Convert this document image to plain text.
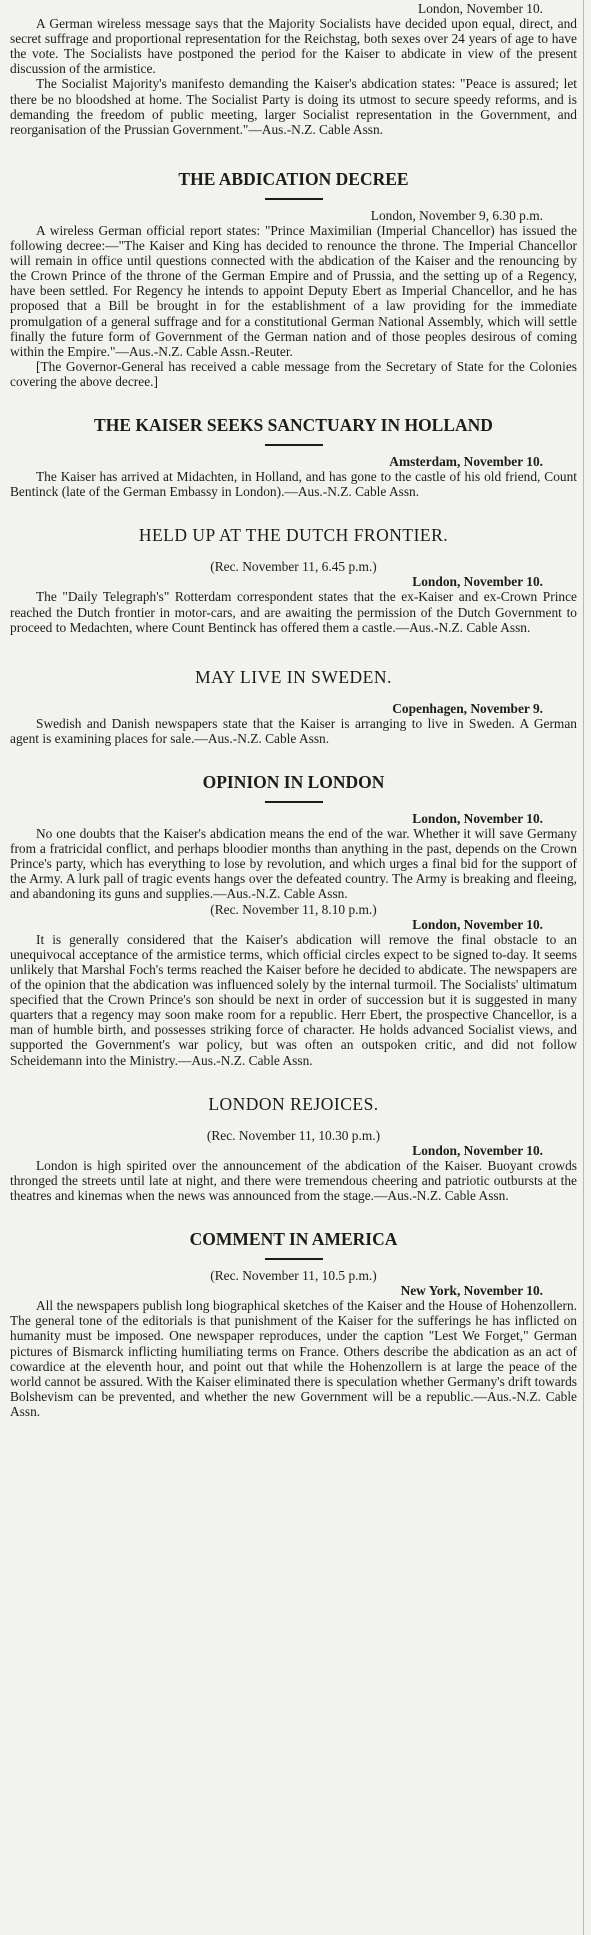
London, November 10.

A German wireless message says that the Majority Socialists have decided upon equal, direct, and secret suffrage and proportional representation for the Reichstag, both sexes over 24 years of age to have the vote. The Socialists have postponed the period for the Kaiser to abdicate in view of the present discussion of the armistice.

The Socialist Majority's manifesto demanding the Kaiser's abdication states: "Peace is assured; let there be no bloodshed at home. The Socialist Party is doing its utmost to secure speedy reforms, and is demanding the freedom of public meeting, larger Socialist representation in the Government, and reorganisation of the Prussian Government."—Aus.-N.Z. Cable Assn.

THE ABDICATION DECREE

London, November 9, 6.30 p.m.

A wireless German official report states: "Prince Maximilian (Imperial Chancellor) has issued the following decree:—"The Kaiser and King has decided to renounce the throne. The Imperial Chancellor will remain in office until questions connected with the abdication of the Kaiser and the renouncing by the Crown Prince of the throne of the German Empire and of Prussia, and the setting up of a Regency, have been settled. For Regency he intends to appoint Deputy Ebert as Imperial Chancellor, and he has proposed that a Bill be brought in for the establishment of a law providing for the immediate promulgation of a general suffrage and for a constitutional German National Assembly, which will settle finally the future form of Government of the German nation and of those peoples desirous of coming within the Empire."—Aus.-N.Z. Cable Assn.-Reuter.

[The Governor-General has received a cable message from the Secretary of State for the Colonies covering the above decree.]

THE KAISER SEEKS SANCTUARY IN HOLLAND

Amsterdam, November 10.

The Kaiser has arrived at Midachten, in Holland, and has gone to the castle of his old friend, Count Bentinck (late of the German Embassy in London).—Aus.-N.Z. Cable Assn.

HELD UP AT THE DUTCH FRONTIER.

(Rec. November 11, 6.45 p.m.)

London, November 10.

The "Daily Telegraph's" Rotterdam correspondent states that the ex-Kaiser and ex-Crown Prince reached the Dutch frontier in motor-cars, and are awaiting the permission of the Dutch Government to proceed to Medachten, where Count Bentinck has offered them a castle.—Aus.-N.Z. Cable Assn.

MAY LIVE IN SWEDEN.

Copenhagen, November 9.

Swedish and Danish newspapers state that the Kaiser is arranging to live in Sweden. A German agent is examining places for sale.—Aus.-N.Z. Cable Assn.

OPINION IN LONDON

London, November 10.

No one doubts that the Kaiser's abdication means the end of the war. Whether it will save Germany from a fratricidal conflict, and perhaps bloodier months than anything in the past, depends on the Crown Prince's party, which has everything to lose by revolution, and which urges a final bid for the support of the Army. A lurk pall of tragic events hangs over the defeated country. The Army is breaking and fleeing, and abandoning its guns and supplies.—Aus.-N.Z. Cable Assn.

(Rec. November 11, 8.10 p.m.)

London, November 10.

It is generally considered that the Kaiser's abdication will remove the final obstacle to an unequivocal acceptance of the armistice terms, which official circles expect to be signed to-day. It seems unlikely that Marshal Foch's terms reached the Kaiser before he decided to abdicate. The newspapers are of the opinion that the abdication was influenced solely by the internal turmoil. The Socialists' ultimatum specified that the Crown Prince's son should be next in order of succession but it is suggested in many quarters that a regency may soon make room for a republic. Herr Ebert, the prospective Chancellor, is a man of humble birth, and possesses striking force of character. He holds advanced Socialist views, and supported the Government's war policy, but was often an outspoken critic, and did not follow Scheidemann into the Ministry.—Aus.-N.Z. Cable Assn.

LONDON REJOICES.

(Rec. November 11, 10.30 p.m.)

London, November 10.

London is high spirited over the announcement of the abdication of the Kaiser. Buoyant crowds thronged the streets until late at night, and there were tremendous cheering and patriotic outbursts at the theatres and kinemas when the news was announced from the stage.—Aus.-N.Z. Cable Assn.

COMMENT IN AMERICA

(Rec. November 11, 10.5 p.m.)

New York, November 10.

All the newspapers publish long biographical sketches of the Kaiser and the House of Hohenzollern. The general tone of the editorials is that punishment of the Kaiser for the sufferings he has inflicted on humanity must be imposed. One newspaper reproduces, under the caption "Lest We Forget," German pictures of Bismarck inflicting humiliating terms on France. Others describe the abdication as an act of cowardice at the eleventh hour, and point out that while the Hohenzollern is at large the peace of the world cannot be assured. With the Kaiser eliminated there is speculation whether Germany's drift towards Bolshevism can be prevented, and whether the new Government will be a republic.—Aus.-N.Z. Cable Assn.
